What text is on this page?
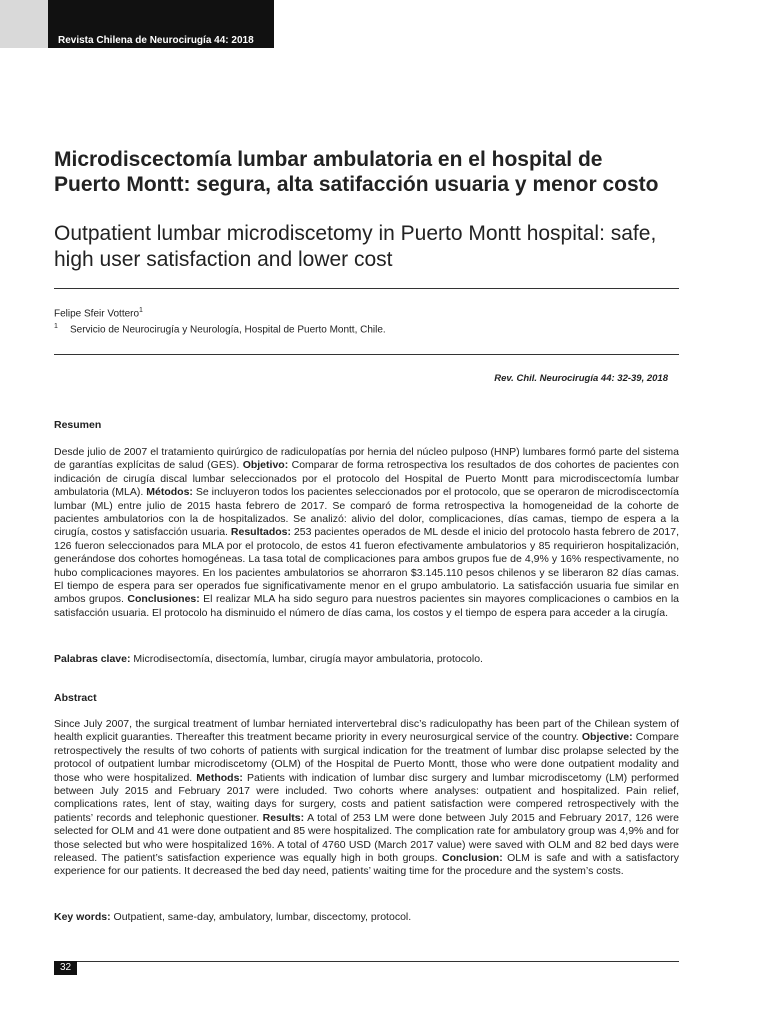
Revista Chilena de Neurocirugía 44: 2018
Microdiscectomía lumbar ambulatoria en el hospital de Puerto Montt: segura, alta satifacción usuaria y menor costo
Outpatient lumbar microdiscetomy in Puerto Montt hospital: safe, high user satisfaction and lower cost
Felipe Sfeir Vottero$^1$
$^1$ Servicio de Neurocirugía y Neurología, Hospital de Puerto Montt, Chile.
Rev. Chil. Neurocirugía 44: 32-39, 2018
Resumen

Desde julio de 2007 el tratamiento quirúrgico de radiculopatías por hernia del núcleo pulposo (HNP) lumbares formó parte del sistema de garantías explícitas de salud (GES). Objetivo: Comparar de forma retrospectiva los resultados de dos cohortes de pacientes con indicación de cirugía discal lumbar seleccionados por el protocolo del Hospital de Puerto Montt para microdiscectomía lumbar ambulatoria (MLA). Métodos: Se incluyeron todos los pacientes seleccionados por el protocolo, que se operaron de microdiscectomía lumbar (ML) entre julio de 2015 hasta febrero de 2017. Se comparó de forma retrospectiva la homogeneidad de la cohorte de pacientes ambulatorios con la de hospitalizados. Se analizó: alivio del dolor, complicaciones, días camas, tiempo de espera a la cirugía, costos y satisfacción usuaria. Resultados: 253 pacientes operados de ML desde el inicio del protocolo hasta febrero de 2017, 126 fueron seleccionados para MLA por el protocolo, de estos 41 fueron efectivamente ambulatorios y 85 requirieron hospitalización, generándose dos cohortes homogéneas. La tasa total de complicaciones para ambos grupos fue de 4,9% y 16% respectivamente, no hubo complicaciones mayores. En los pacientes ambulatorios se ahorraron $3.145.110 pesos chilenos y se liberaron 82 días camas. El tiempo de espera para ser operados fue significativamente menor en el grupo ambulatorio. La satisfacción usuaria fue similar en ambos grupos. Conclusiones: El realizar MLA ha sido seguro para nuestros pacientes sin mayores complicaciones o cambios en la satisfacción usuaria. El protocolo ha disminuido el número de días cama, los costos y el tiempo de espera para acceder a la cirugía.

Palabras clave: Microdisectomía, disectomía, lumbar, cirugía mayor ambulatoria, protocolo.

Abstract

Since July 2007, the surgical treatment of lumbar herniated intervertebral disc’s radiculopathy has been part of the Chilean system of health explicit guaranties. Thereafter this treatment became priority in every neurosurgical service of the country. Objective: Compare retrospectively the results of two cohorts of patients with surgical indication for the treatment of lumbar disc prolapse selected by the protocol of outpatient lumbar microdiscetomy (OLM) of the Hospital de Puerto Montt, those who were done outpatient modality and those who were hospitalized. Methods: Patients with indication of lumbar disc surgery and lumbar microdiscetomy (LM) performed between July 2015 and February 2017 were included. Two cohorts where analyses: outpatient and hospitalized. Pain relief, complications rates, lent of stay, waiting days for surgery, costs and patient satisfaction were compered retrospectively with the patients’ records and telephonic questioner. Results: A total of 253 LM were done between July 2015 and February 2017, 126 were selected for OLM and 41 were done outpatient and 85 were hospitalized. The complication rate for ambulatory group was 4,9% and for those selected but who were hospitalized 16%. A total of 4760 USD (March 2017 value) were saved with OLM and 82 bed days were released. The patient’s satisfaction experience was equally high in both groups. Conclusion: OLM is safe and with a satisfactory experience for our patients. It decreased the bed day need, patients’ waiting time for the procedure and the system’s costs.

Key words: Outpatient, same-day, ambulatory, lumbar, discectomy, protocol.

32
